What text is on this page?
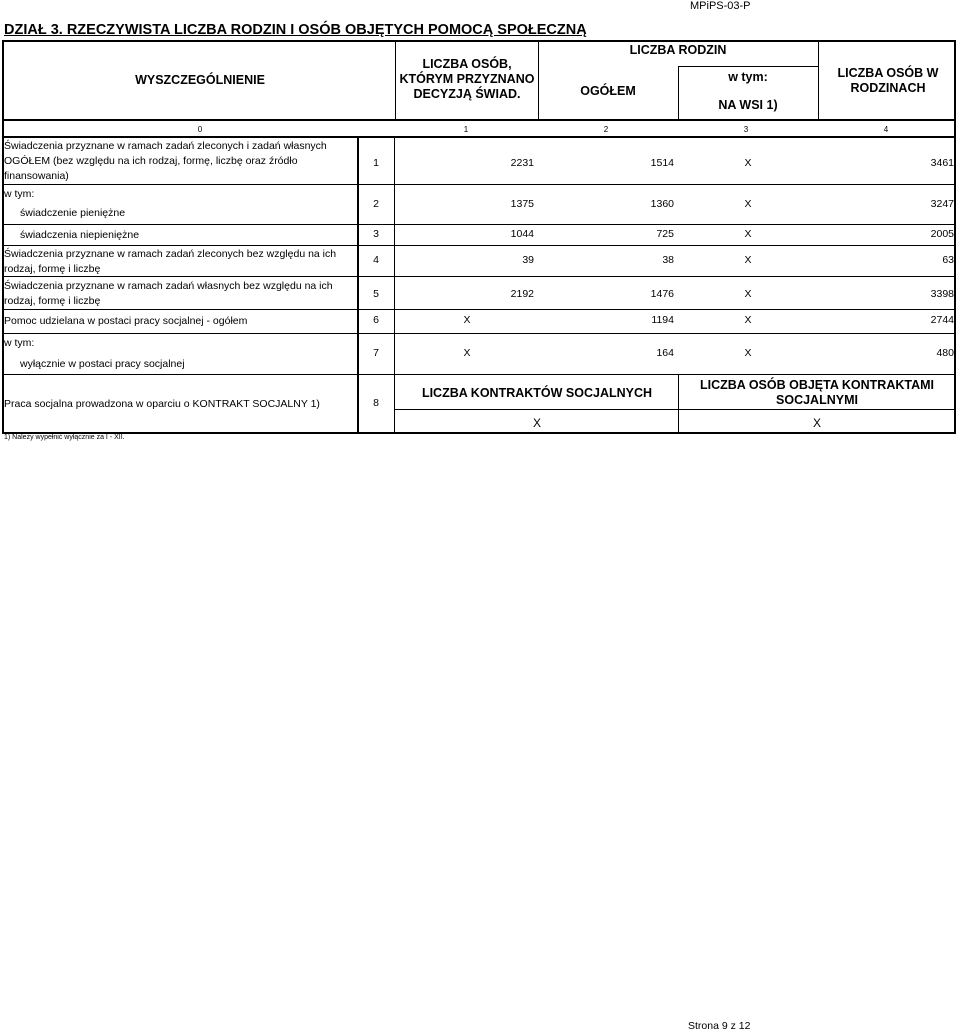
MPiPS-03-P
DZIAŁ 3. RZECZYWISTA LICZBA RODZIN I OSÓB OBJĘTYCH POMOCĄ SPOŁECZNĄ
WYSZCZEGÓLNIENIE
LICZBA OSÓB, KTÓRYM PRZYZNANO DECYZJĄ ŚWIAD.
LICZBA RODZIN
OGÓŁEM
w tym:
NA WSI 1)
LICZBA OSÓB W RODZINACH
0	1	2	3	4
Świadczenia przyznane w ramach zadań zleconych i zadań własnych OGÓŁEM (bez względu na ich rodzaj, formę, liczbę oraz źródło finansowania)
1	2231	1514	X	3461
w tym:
świadczenie pieniężne
2	1375	1360	X	3247
świadczenia niepieniężne	3	1044	725	X	2005
Świadczenia przyznane w ramach zadań zleconych bez względu na ich rodzaj, formę i liczbę
4	39	38	X	63
Świadczenia przyznane w ramach zadań własnych bez względu na ich rodzaj, formę i liczbę
5	2192	1476	X	3398
Pomoc udzielana w postaci pracy socjalnej - ogółem	6	X	1194	X	2744
w tym:
wyłącznie w postaci pracy socjalnej
7	X	164	X	480
Praca socjalna prowadzona w oparciu o KONTRAKT SOCJALNY 1)	8
LICZBA KONTRAKTÓW SOCJALNYCH
LICZBA OSÓB OBJĘTA KONTRAKTAMI SOCJALNYMI
X	X
1) Należy wypełnić wyłącznie za I - XII.
Strona 9 z 12
